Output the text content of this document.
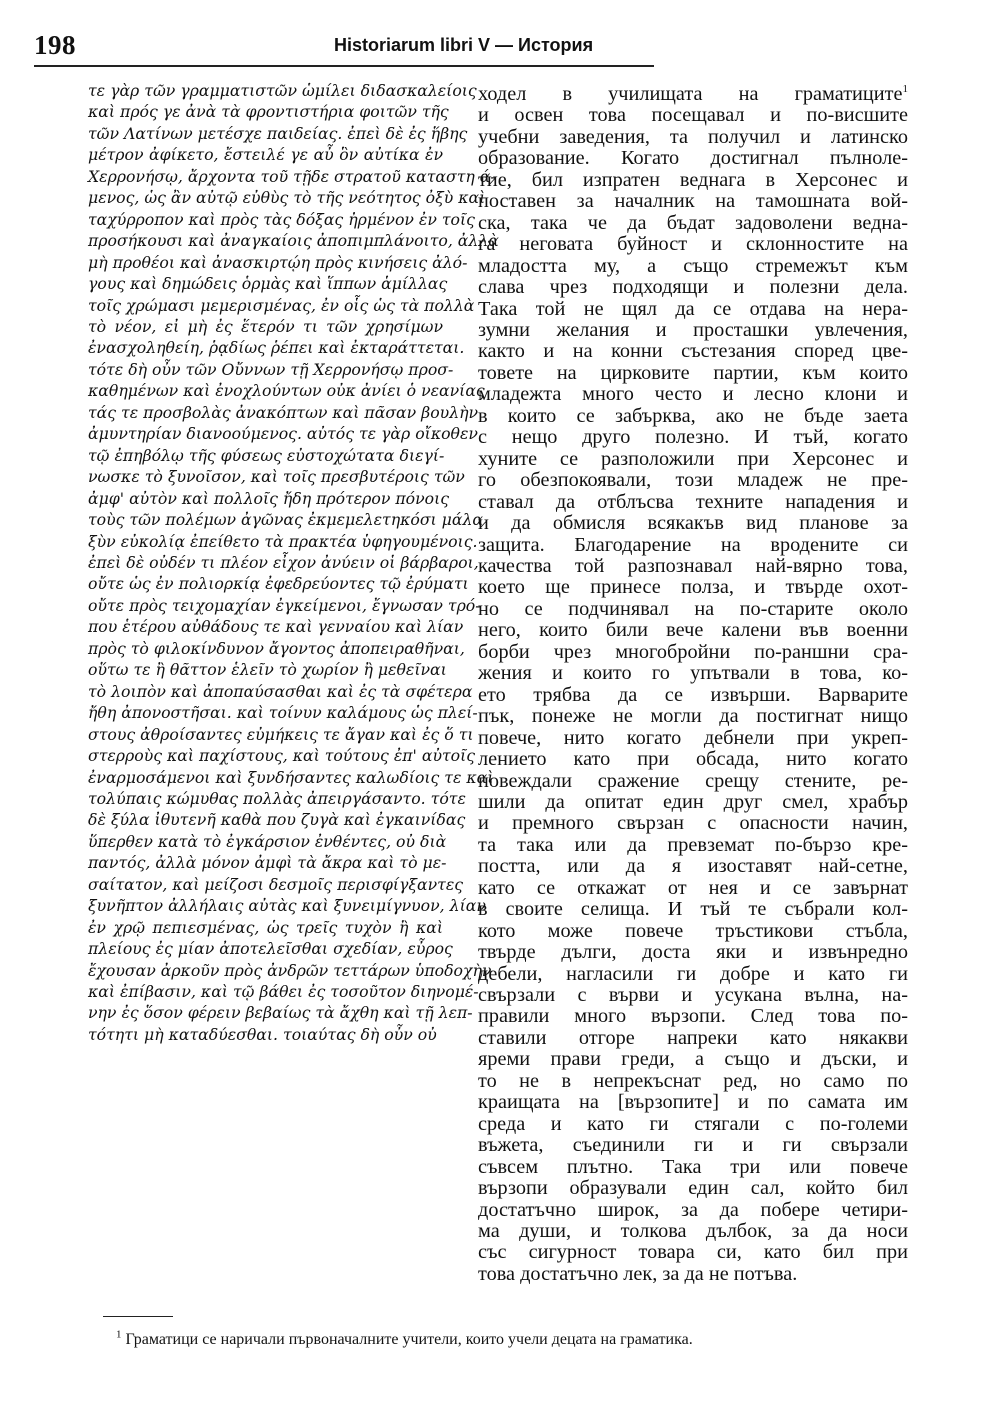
198	Historiarum libri V — История
τε γὰρ τῶν γραμματιστῶν ὡμίλει διδασκαλείοις
καὶ πρός γε ἀνὰ τὰ φροντιστήρια φοιτῶν τῆς
τῶν Λατίνων μετέσχε παιδείας. ἐπεὶ δὲ ἐς ἥβης
μέτρον ἀφίκετο, ἔστειλέ γε αὖ ὃν αὐτίκα ἐν
Χερρονήσῳ, ἄρχοντα τοῦ τῇδε στρατοῦ καταστη ά-
μενος, ὡς ἂν αὐτῷ εὐθὺς τὸ τῆς νεότητος ὀξὺ καὶ
ταχύρροπον καὶ πρὸς τὰς δόξας ἠρμένον ἐν τοῖς
προσήκουσι καὶ ἀναγκαίοις ἀποπιμπλάνοιτο, ἀλλὰ
μὴ προθέοι καὶ ἀνασκιρτῴη πρὸς κινήσεις ἀλό-
γους καὶ δημώδεις ὁρμὰς καὶ ἵππων ἁμίλλας
τοῖς χρώμασι μεμερισμένας, ἐν οἷς ὡς τὰ πολλὰ
τὸ νέον, εἰ μὴ ἐς ἕτερόν τι τῶν χρησίμων
ἐνασχοληθείη, ῥᾳδίως ῥέπει καὶ ἐκταράττεται.
τότε δὴ οὖν τῶν Οὔννων τῇ Χερρονήσῳ προσ-
καθημένων καὶ ἐνοχλούντων οὐκ ἀνίει ὁ νεανίας
τάς τε προσβολὰς ἀνακόπτων καὶ πᾶσαν βουλὴν
ἀμυντηρίαν διανοούμενος. αὐτός τε γὰρ οἴκοθεν
τῷ ἐπηβόλῳ τῆς φύσεως εὐστοχώτατα διεγί-
νωσκε τὸ ξυνοῖσον, καὶ τοῖς πρεσβυτέροις τῶν
ἀμφ' αὐτὸν καὶ πολλοῖς ἤδη πρότερον πόνοις
τοὺς τῶν πολέμων ἀγῶνας ἐκμεμελετηκόσι μάλα
ξὺν εὐκολίᾳ ἐπείθετο τὰ πρακτέα ὑφηγουμένοις.
ἐπεὶ δὲ οὐδέν τι πλέον εἶχον ἀνύειν οἱ βάρβαροι,
οὔτε ὡς ἐν πολιορκίᾳ ἐφεδρεύοντες τῷ ἐρύματι
οὔτε πρὸς τειχομαχίαν ἐγκείμενοι, ἔγνωσαν τρό-
που ἑτέρου αὐθάδους τε καὶ γενναίου καὶ λίαν
πρὸς τὸ φιλοκίνδυνον ἄγοντος ἀποπειραθῆναι,
οὕτω τε ἢ θᾶττον ἑλεῖν τὸ χωρίον ἢ μεθεῖναι
τὸ λοιπὸν καὶ ἀποπαύσασθαι καὶ ἐς τὰ σφέτερα
ἤθη ἀπονοστῆσαι. καὶ τοίνυν καλάμους ὡς πλεί-
στους ἀθροίσαντες εὐμήκεις τε ἄγαν καὶ ἐς ὅ τι
στερροὺς καὶ παχίστους, καὶ τούτους ἐπ' αὐτοῖς
ἐναρμοσάμενοι καὶ ξυνδήσαντες καλωδίοις τε καὶ
τολύπαις κώμυθας πολλὰς ἀπειργάσαντο. τότε
δὲ ξύλα ἰθυτενῆ καθὰ που ζυγὰ καὶ ἐγκαινίδας
ὕπερθεν κατὰ τὸ ἐγκάρσιον ἐνθέντες, οὐ διὰ
παντός, ἀλλὰ μόνον ἀμφὶ τὰ ἄκρα καὶ τὸ με-
σαίτατον, καὶ μείζοσι δεσμοῖς περισφίγξαντες
ξυνῆπτον ἀλλήλαις αὐτὰς καὶ ξυνειμίγνυον, λίαν
ἐν χρῷ πεπιεσμένας, ὡς τρεῖς τυχὸν ἢ καὶ
πλείους ἐς μίαν ἀποτελεῖσθαι σχεδίαν, εὖρος
ἔχουσαν ἀρκοῦν πρὸς ἀνδρῶν τεττάρων ὑποδοχὴν
καὶ ἐπίβασιν, καὶ τῷ βάθει ἐς τοσοῦτον διηνομέ-
νην ἐς ὅσον φέρειν βεβαίως τὰ ἄχθη καὶ τῇ λεπ-
τότητι μὴ καταδύεσθαι. τοιαύτας δὴ οὖν οὐ
ходел в училищата на граматиците$^1$
и освен това посещавал и по-висшите
учебни заведения, та получил и латинско
образование. Когато достигнал пълноле-
тие, бил изпратен веднага в Херсонес и
поставен за началник на тамошната вой-
ска, така че да бъдат задоволени ведна-
га неговата буйност и склонностите на
младостта му, а също стремежът към
слава чрез подходящи и полезни дела.
Така той не щял да се отдава на нера-
зумни желания и просташки увлечения,
както и на конни състезания според цве-
товете на цирковите партии, към които
младежта много често и лесно клони и
в които се забърква, ако не бъде заета
с нещо друго полезно. И тъй, когато
хуните се разположили при Херсонес и
го обезпокоявали, този младеж не пре-
ставал да отблъсва техните нападения и
и да обмисля всякакъв вид планове за
защита. Благодарение на вродените си
качества той разпознавал най-вярно това,
което ще принесе полза, и твърде охот-
но се подчинявал на по-старите около
него, които били вече калени във военни
борби чрез многобройни по-раншни сра-
жения и които го упътвали в това, ко-
ето трябва да се извърши. Варварите
пък, понеже не могли да постигнат нищо
повече, нито когато дебнели при укреп-
лението като при обсада, нито когато
повеждали сражение срещу стените, ре-
шили да опитат един друг смел, храбър
и премного свързан с опасности начин,
та така или да превземат по-бързо кре-
постта, или да я изоставят най-сетне,
като се откажат от нея и се завърнат
в своите селища. И тъй те събрали кол-
кото може повече тръстикови стъбла,
твърде дълги, доста яки и извънредно
дебели, нагласили ги добре и като ги
свързали с върви и усукана вълна, на-
правили много вързопи. След това по-
ставили отгоре напреки като някакви
яреми прави греди, а също и дъски, и
то не в непрекъснат ред, но само по
краищата на [вързопите] и по самата им
среда и като ги стягали с по-големи
въжета, съединили ги и ги свързали
съвсем плътно. Така три или повече
вързопи образували един сал, който бил
достатъчно широк, за да побере четири-
ма души, и толкова дълбок, за да носи
със сигурност товара си, като бил при
това достатъчно лек, за да не потъва.
$^1$ Граматици се наричали първоначалните учители, които учели децата на граматика.
